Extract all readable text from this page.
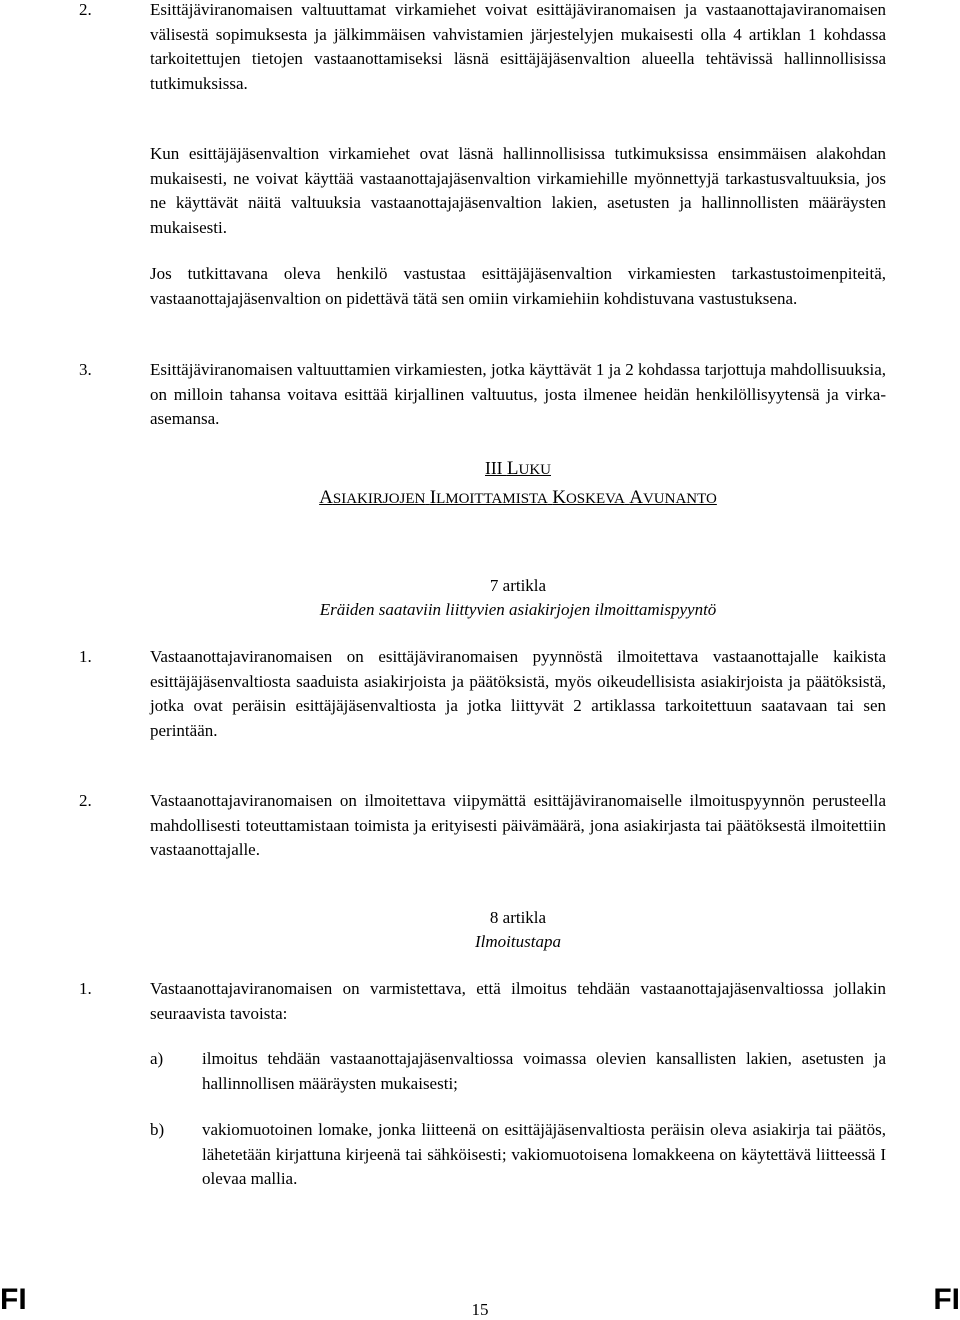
2.	Esittäjäviranomaisen valtuuttamat virkamiehet voivat esittäjäviranomaisen ja vastaanottajaviranomaisen välisestä sopimuksesta ja jälkimmäisen vahvistamien järjestelyjen mukaisesti olla 4 artiklan 1 kohdassa tarkoitettujen tietojen vastaanottamiseksi läsnä esittäjäjäsenvaltion alueella tehtävissä hallinnollisissa tutkimuksissa.
Kun esittäjäjäsenvaltion virkamiehet ovat läsnä hallinnollisissa tutkimuksissa ensimmäisen alakohdan mukaisesti, ne voivat käyttää vastaanottajajäsenvaltion virkamiehille myönnettyjä tarkastusvaltuuksia, jos ne käyttävät näitä valtuuksia vastaanottajajäsenvaltion lakien, asetusten ja hallinnollisten määräysten mukaisesti.
Jos tutkittavana oleva henkilö vastustaa esittäjäjäsenvaltion virkamiesten tarkastustoimenpiteitä, vastaanottajajäsenvaltion on pidettävä tätä sen omiin virkamiehiin kohdistuvana vastustuksena.
3.	Esittäjäviranomaisen valtuuttamien virkamiesten, jotka käyttävät 1 ja 2 kohdassa tarjottuja mahdollisuuksia, on milloin tahansa voitava esittää kirjallinen valtuutus, josta ilmenee heidän henkilöllisyytensä ja virka-asemansa.
III LUKU
ASIAKIRJOJEN ILMOITTAMISTA KOSKEVA AVUNANTO
7 artikla
Eräiden saataviin liittyvien asiakirjojen ilmoittamispyyntö
1.	Vastaanottajaviranomaisen on esittäjäviranomaisen pyynnöstä ilmoitettava vastaanottajalle kaikista esittäjäjäsenvaltiosta saaduista asiakirjoista ja päätöksistä, myös oikeudellisista asiakirjoista ja päätöksistä, jotka ovat peräisin esittäjäjäsenvaltiosta ja jotka liittyvät 2 artiklassa tarkoitettuun saatavaan tai sen perintään.
2.	Vastaanottajaviranomaisen on ilmoitettava viipymättä esittäjäviranomaiselle ilmoituspyynnön perusteella mahdollisesti toteuttamistaan toimista ja erityisesti päivämäärä, jona asiakirjasta tai päätöksestä ilmoitettiin vastaanottajalle.
8 artikla
Ilmoitustapa
1.	Vastaanottajaviranomaisen on varmistettava, että ilmoitus tehdään vastaanottajajäsenvaltiossa jollakin seuraavista tavoista:
a) ilmoitus tehdään vastaanottajajäsenvaltiossa voimassa olevien kansallisten lakien, asetusten ja hallinnollisen määräysten mukaisesti;
b) vakiomuotoinen lomake, jonka liitteenä on esittäjäjäsenvaltiosta peräisin oleva asiakirja tai päätös, lähetetään kirjattuna kirjeenä tai sähköisesti; vakiomuotoisena lomakkeena on käytettävä liitteessä I olevaa mallia.
FI	15	FI
